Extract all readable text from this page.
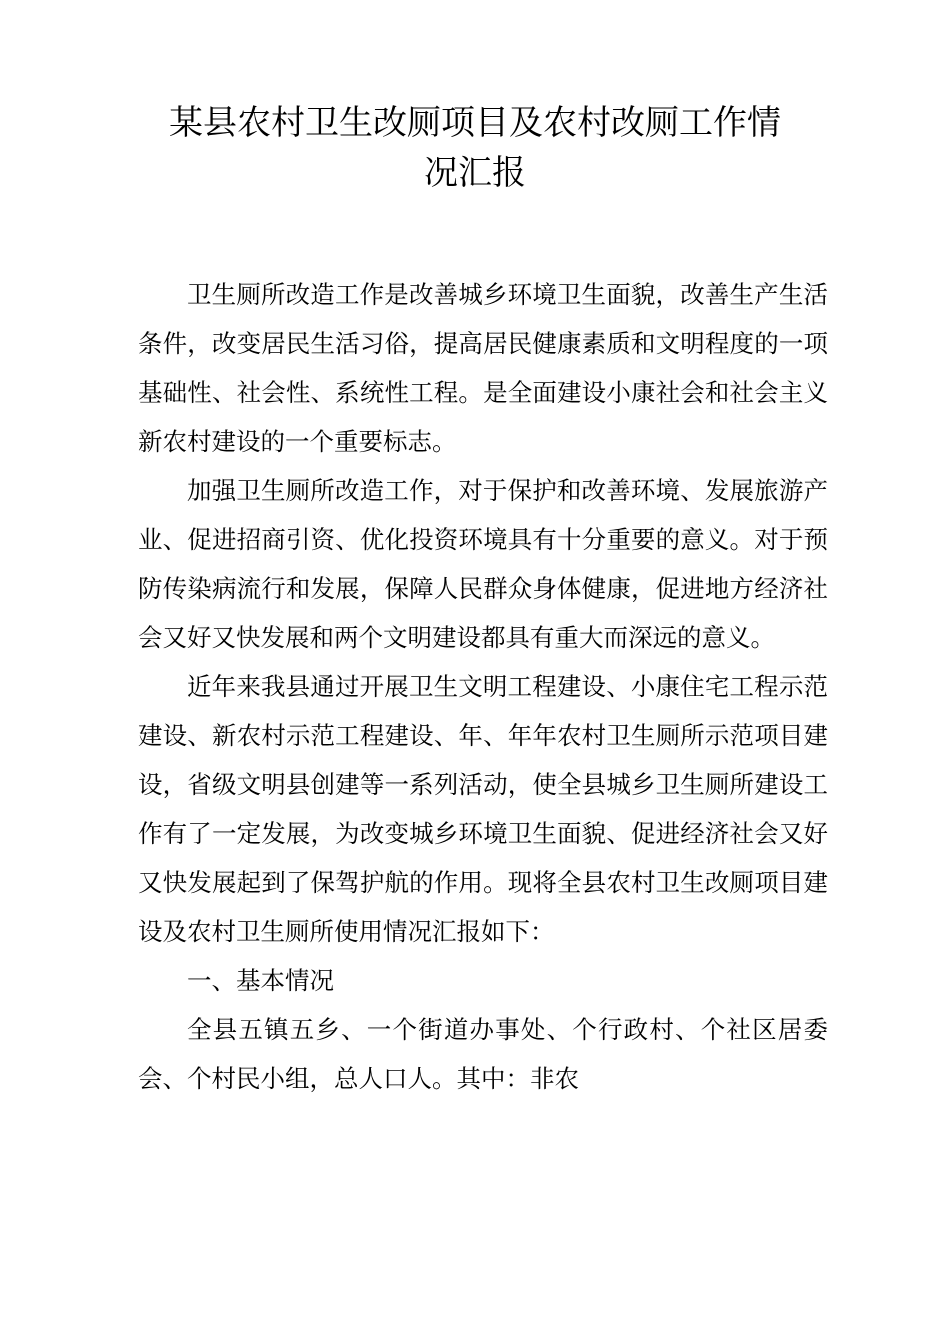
某县农村卫生改厕项目及农村改厕工作情
况汇报

卫生厕所改造工作是改善城乡环境卫生面貌，改善生产生活条件，改变居民生活习俗，提高居民健康素质和文明程度的一项基础性、社会性、系统性工程。是全面建设小康社会和社会主义新农村建设的一个重要标志。

加强卫生厕所改造工作，对于保护和改善环境、发展旅游产业、促进招商引资、优化投资环境具有十分重要的意义。对于预防传染病流行和发展，保障人民群众身体健康，促进地方经济社会又好又快发展和两个文明建设都具有重大而深远的意义。

近年来我县通过开展卫生文明工程建设、小康住宅工程示范建设、新农村示范工程建设、年、年年农村卫生厕所示范项目建设，省级文明县创建等一系列活动，使全县城乡卫生厕所建设工作有了一定发展，为改变城乡环境卫生面貌、促进经济社会又好又快发展起到了保驾护航的作用。现将全县农村卫生改厕项目建设及农村卫生厕所使用情况汇报如下：

一、基本情况

全县五镇五乡、一个街道办事处、个行政村、个社区居委会、个村民小组，总人口人。其中：非农
